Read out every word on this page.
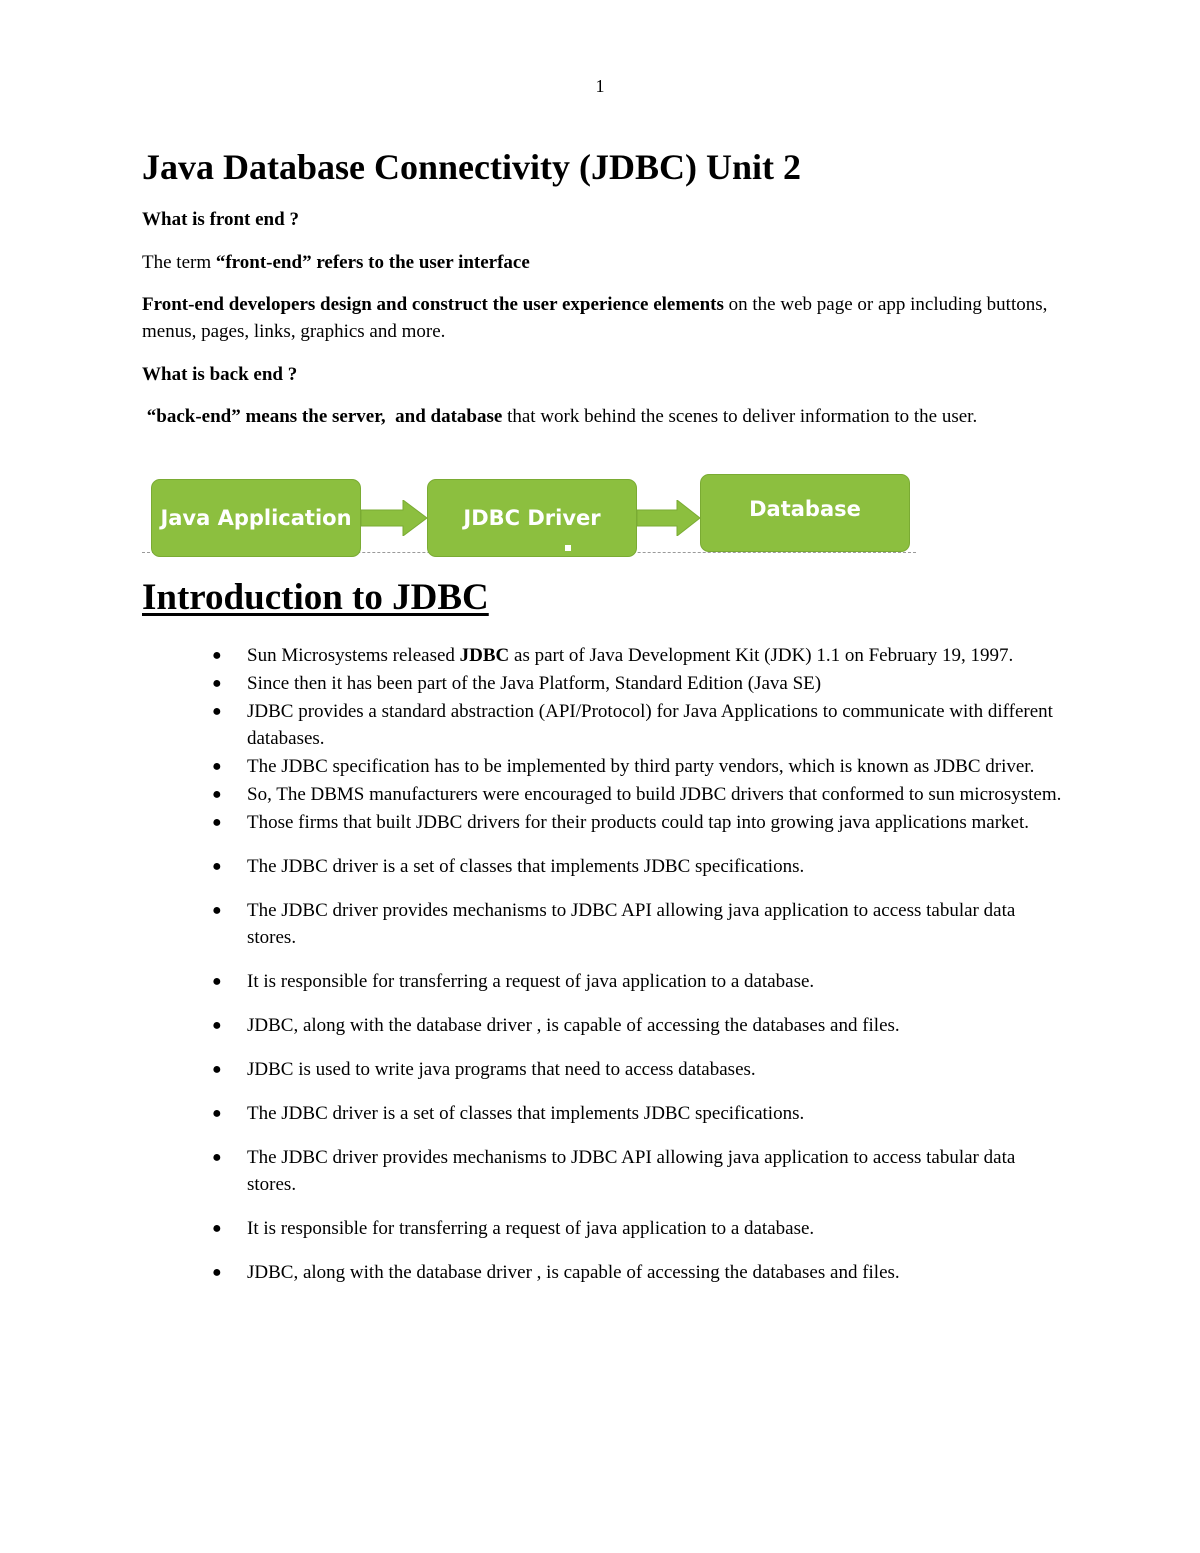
1
Java Database Connectivity (JDBC) Unit 2

What is front end ?

The term “front-end” refers to the user interface

Front-end developers design and construct the user experience elements on the web page or app including buttons, menus, pages, links, graphics and more.

What is back end ?

“back-end” means the server, and database that work behind the scenes to deliver information to the user.

Java Application	JDBC Driver	Database
Introduction to JDBC
● Sun Microsystems released JDBC as part of Java Development Kit (JDK) 1.1 on February 19, 1997.
● Since then it has been part of the Java Platform, Standard Edition (Java SE)
● JDBC provides a standard abstraction (API/Protocol) for Java Applications to communicate with different databases.
● The JDBC specification has to be implemented by third party vendors, which is known as JDBC driver.
● So, The DBMS manufacturers were encouraged to build JDBC drivers that conformed to sun microsystem.
● Those firms that built JDBC drivers for their products could tap into growing java applications market.
● The JDBC driver is a set of classes that implements JDBC specifications.
● The JDBC driver provides mechanisms to JDBC API allowing java application to access tabular data stores.
● It is responsible for transferring a request of java application to a database.
● JDBC, along with the database driver , is capable of accessing the databases and files.
● JDBC is used to write java programs that need to access databases.
● The JDBC driver is a set of classes that implements JDBC specifications.
● The JDBC driver provides mechanisms to JDBC API allowing java application to access tabular data stores.
● It is responsible for transferring a request of java application to a database.
● JDBC, along with the database driver , is capable of accessing the databases and files.
